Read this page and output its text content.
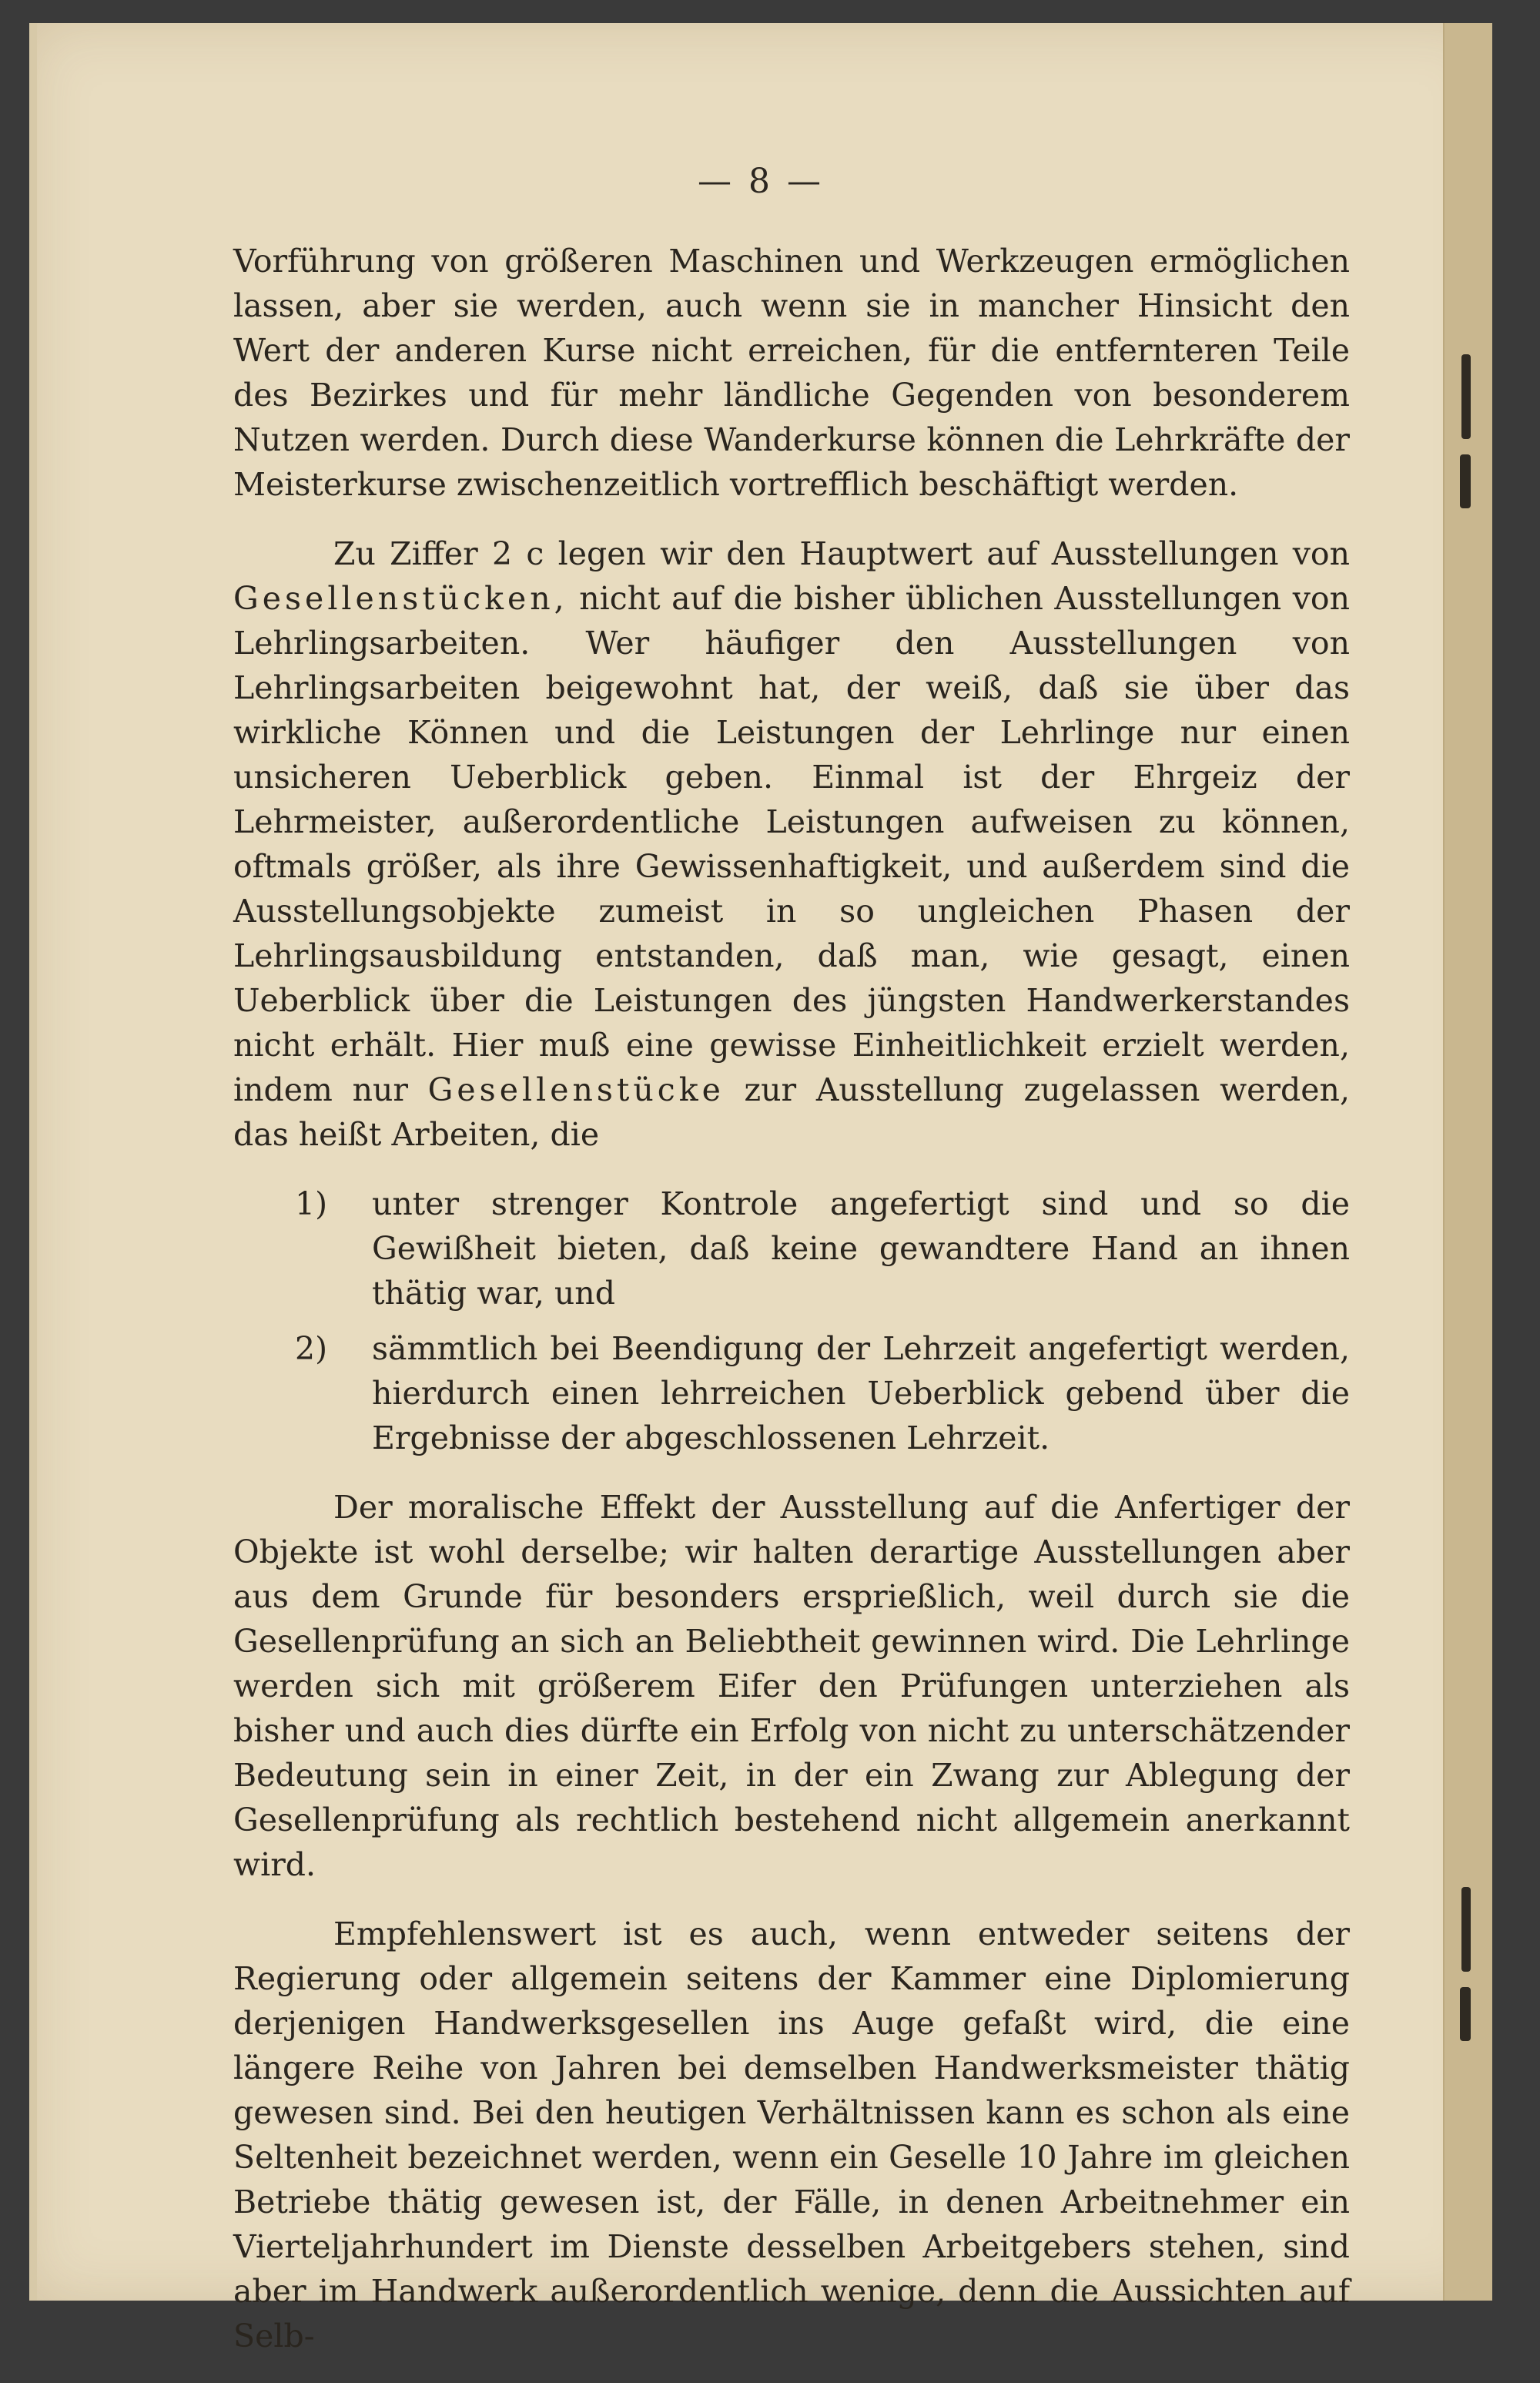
— 8 —

Vorführung von größeren Maschinen und Werkzeugen ermöglichen lassen, aber sie werden, auch wenn sie in mancher Hinsicht den Wert der anderen Kurse nicht erreichen, für die entfernteren Teile des Bezirkes und für mehr ländliche Gegenden von besonderem Nutzen werden. Durch diese Wanderkurse können die Lehrkräfte der Meisterkurse zwischenzeitlich vortrefflich beschäftigt werden.

Zu Ziffer 2 c legen wir den Hauptwert auf Ausstellungen von Gesellenstücken, nicht auf die bisher üblichen Ausstellungen von Lehrlingsarbeiten. Wer häufiger den Ausstellungen von Lehrlingsarbeiten beigewohnt hat, der weiß, daß sie über das wirkliche Können und die Leistungen der Lehrlinge nur einen unsicheren Ueberblick geben. Einmal ist der Ehrgeiz der Lehrmeister, außerordentliche Leistungen aufweisen zu können, oftmals größer, als ihre Gewissenhaftigkeit, und außerdem sind die Ausstellungsobjekte zumeist in so ungleichen Phasen der Lehrlingsausbildung entstanden, daß man, wie gesagt, einen Ueberblick über die Leistungen des jüngsten Handwerkerstandes nicht erhält. Hier muß eine gewisse Einheitlichkeit erzielt werden, indem nur Gesellenstücke zur Ausstellung zugelassen werden, das heißt Arbeiten, die

1)	unter strenger Kontrole angefertigt sind und so die Gewißheit bieten, daß keine gewandtere Hand an ihnen thätig war, und
2)	sämmtlich bei Beendigung der Lehrzeit angefertigt werden, hierdurch einen lehrreichen Ueberblick gebend über die Ergebnisse der abgeschlossenen Lehrzeit.

Der moralische Effekt der Ausstellung auf die Anfertiger der Objekte ist wohl derselbe; wir halten derartige Ausstellungen aber aus dem Grunde für besonders ersprießlich, weil durch sie die Gesellenprüfung an sich an Beliebtheit gewinnen wird. Die Lehrlinge werden sich mit größerem Eifer den Prüfungen unterziehen als bisher und auch dies dürfte ein Erfolg von nicht zu unterschätzender Bedeutung sein in einer Zeit, in der ein Zwang zur Ablegung der Gesellenprüfung als rechtlich bestehend nicht allgemein anerkannt wird.

Empfehlenswert ist es auch, wenn entweder seitens der Regierung oder allgemein seitens der Kammer eine Diplomierung derjenigen Handwerksgesellen ins Auge gefaßt wird, die eine längere Reihe von Jahren bei demselben Handwerksmeister thätig gewesen sind. Bei den heutigen Verhältnissen kann es schon als eine Seltenheit bezeichnet werden, wenn ein Geselle 10 Jahre im gleichen Betriebe thätig gewesen ist, der Fälle, in denen Arbeitnehmer ein Vierteljahrhundert im Dienste desselben Arbeitgebers stehen, sind aber im Handwerk außerordentlich wenige, denn die Aussichten auf Selb-
